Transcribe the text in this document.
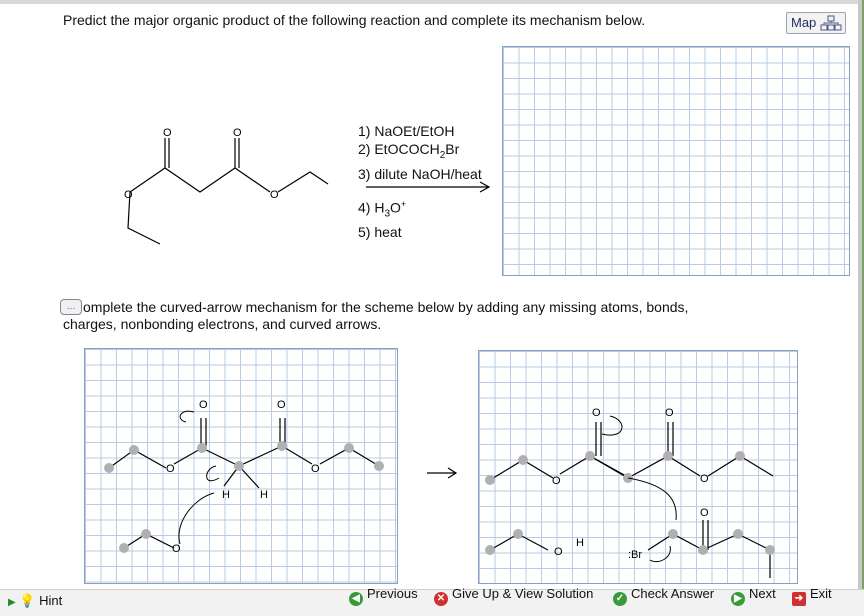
Predict the major organic product of the following reaction and complete its mechanism below.	Map
O	O
O	O
1) NaOEt/EtOH
2) EtOCOCH$_2$Br
3) dilute NaOH/heat
4) $H_3O^+$
5) heat
… omplete the curved-arrow mechanism for the scheme below by adding any missing atoms, bonds,
charges, nonbonding electrons, and curved arrows.
O	O
O	O
H	H
O
O	O
O	O
O
H
:Br
O
▶ 💡 Hint	◀ Previous ✕ Give Up & View Solution ✓ Check Answer	▶ Next ➜ Exit
